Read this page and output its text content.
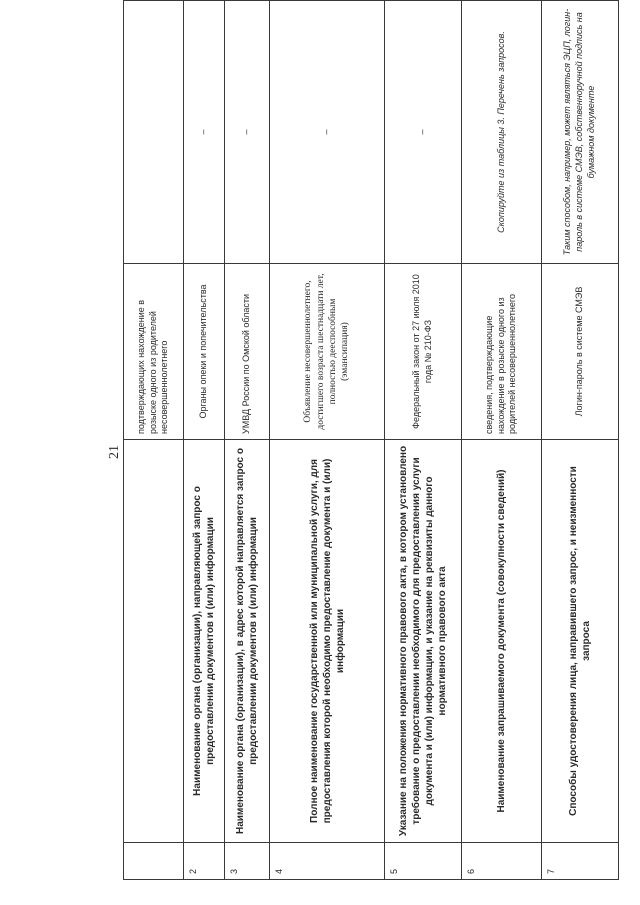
21
		подтверждающих нахождение в розыске одного из родителей несовершеннолетнего	
2	Наименование органа (организации), направляющей запрос о предоставлении документов и (или) информации	Органы опеки и попечительства	–
3	Наименование органа (организации), в адрес которой направляется запрос о предоставлении документов и (или) информации	УМВД России по Омской области	–
4	Полное наименование государственной или муниципальной услуги, для предоставления которой необходимо предоставление документа и (или) информации	Объявление несовершеннолетнего, достигшего возраста шестнадцати лет, полностью дееспособным (эмансипация)	–
5	Указание на положения нормативного правового акта, в котором установлено требование о предоставлении необходимого для предоставления услуги документа и (или) информации, и указание на реквизиты данного нормативного правового акта	Федеральный закон от 27 июля 2010 года № 210-ФЗ	–
6	Наименование запрашиваемого документа (совокупности сведений)	сведения, подтверждающие нахождение в розыске одного из родителей несовершеннолетнего	Скопируйте из таблицы 3. Перечень запросов.
7	Способы удостоверения лица, направившего запрос, и неизменности запроса	Логин-пароль в системе СМЭВ	Таким способом, например, может являться ЭЦП, логин-пароль в системе СМЭВ, собственноручной подпись на бумажном документе
